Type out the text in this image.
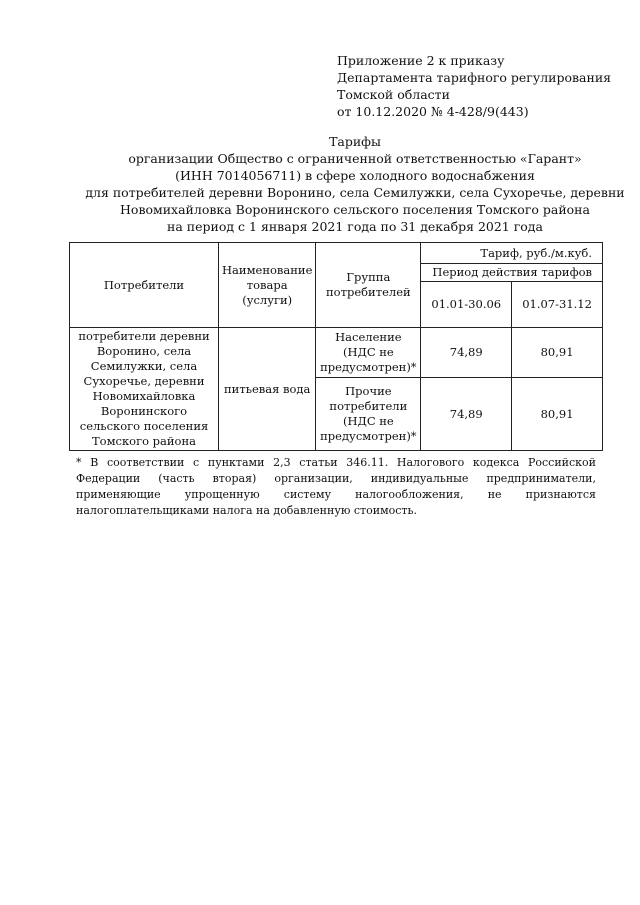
Приложение 2 к приказу
Департамента тарифного регулирования
Томской области
от 10.12.2020 № 4-428/9(443)
Тарифы
организации Общество с ограниченной ответственностью «Гарант»
(ИНН 7014056711) в сфере холодного водоснабжения
для потребителей деревни Воронино, села Семилужки, села Сухоречье, деревни
Новомихайловка Воронинского сельского поселения Томского района
на период с 1 января 2021 года по 31 декабря 2021 года
Потребители	Наименование товара (услуги)	Группа потребителей	Тариф, руб./м.куб.	
			Период действия тарифов	
			01.01-30.06	01.07-31.12
потребители деревни Воронино, села Семилужки, села Сухоречье, деревни Новомихайловка Воронинского сельского поселения Томского района	питьевая вода	Население (НДС не предусмотрен)*	74,89	80,91
		Прочие потребители (НДС не предусмотрен)*	74,89	80,91
* В соответствии с пунктами 2,3 статьи 346.11. Налогового кодекса Российской Федерации (часть вторая) организации, индивидуальные предприниматели, применяющие упрощенную систему налогообложения, не признаются налогоплательщиками налога на добавленную стоимость.
